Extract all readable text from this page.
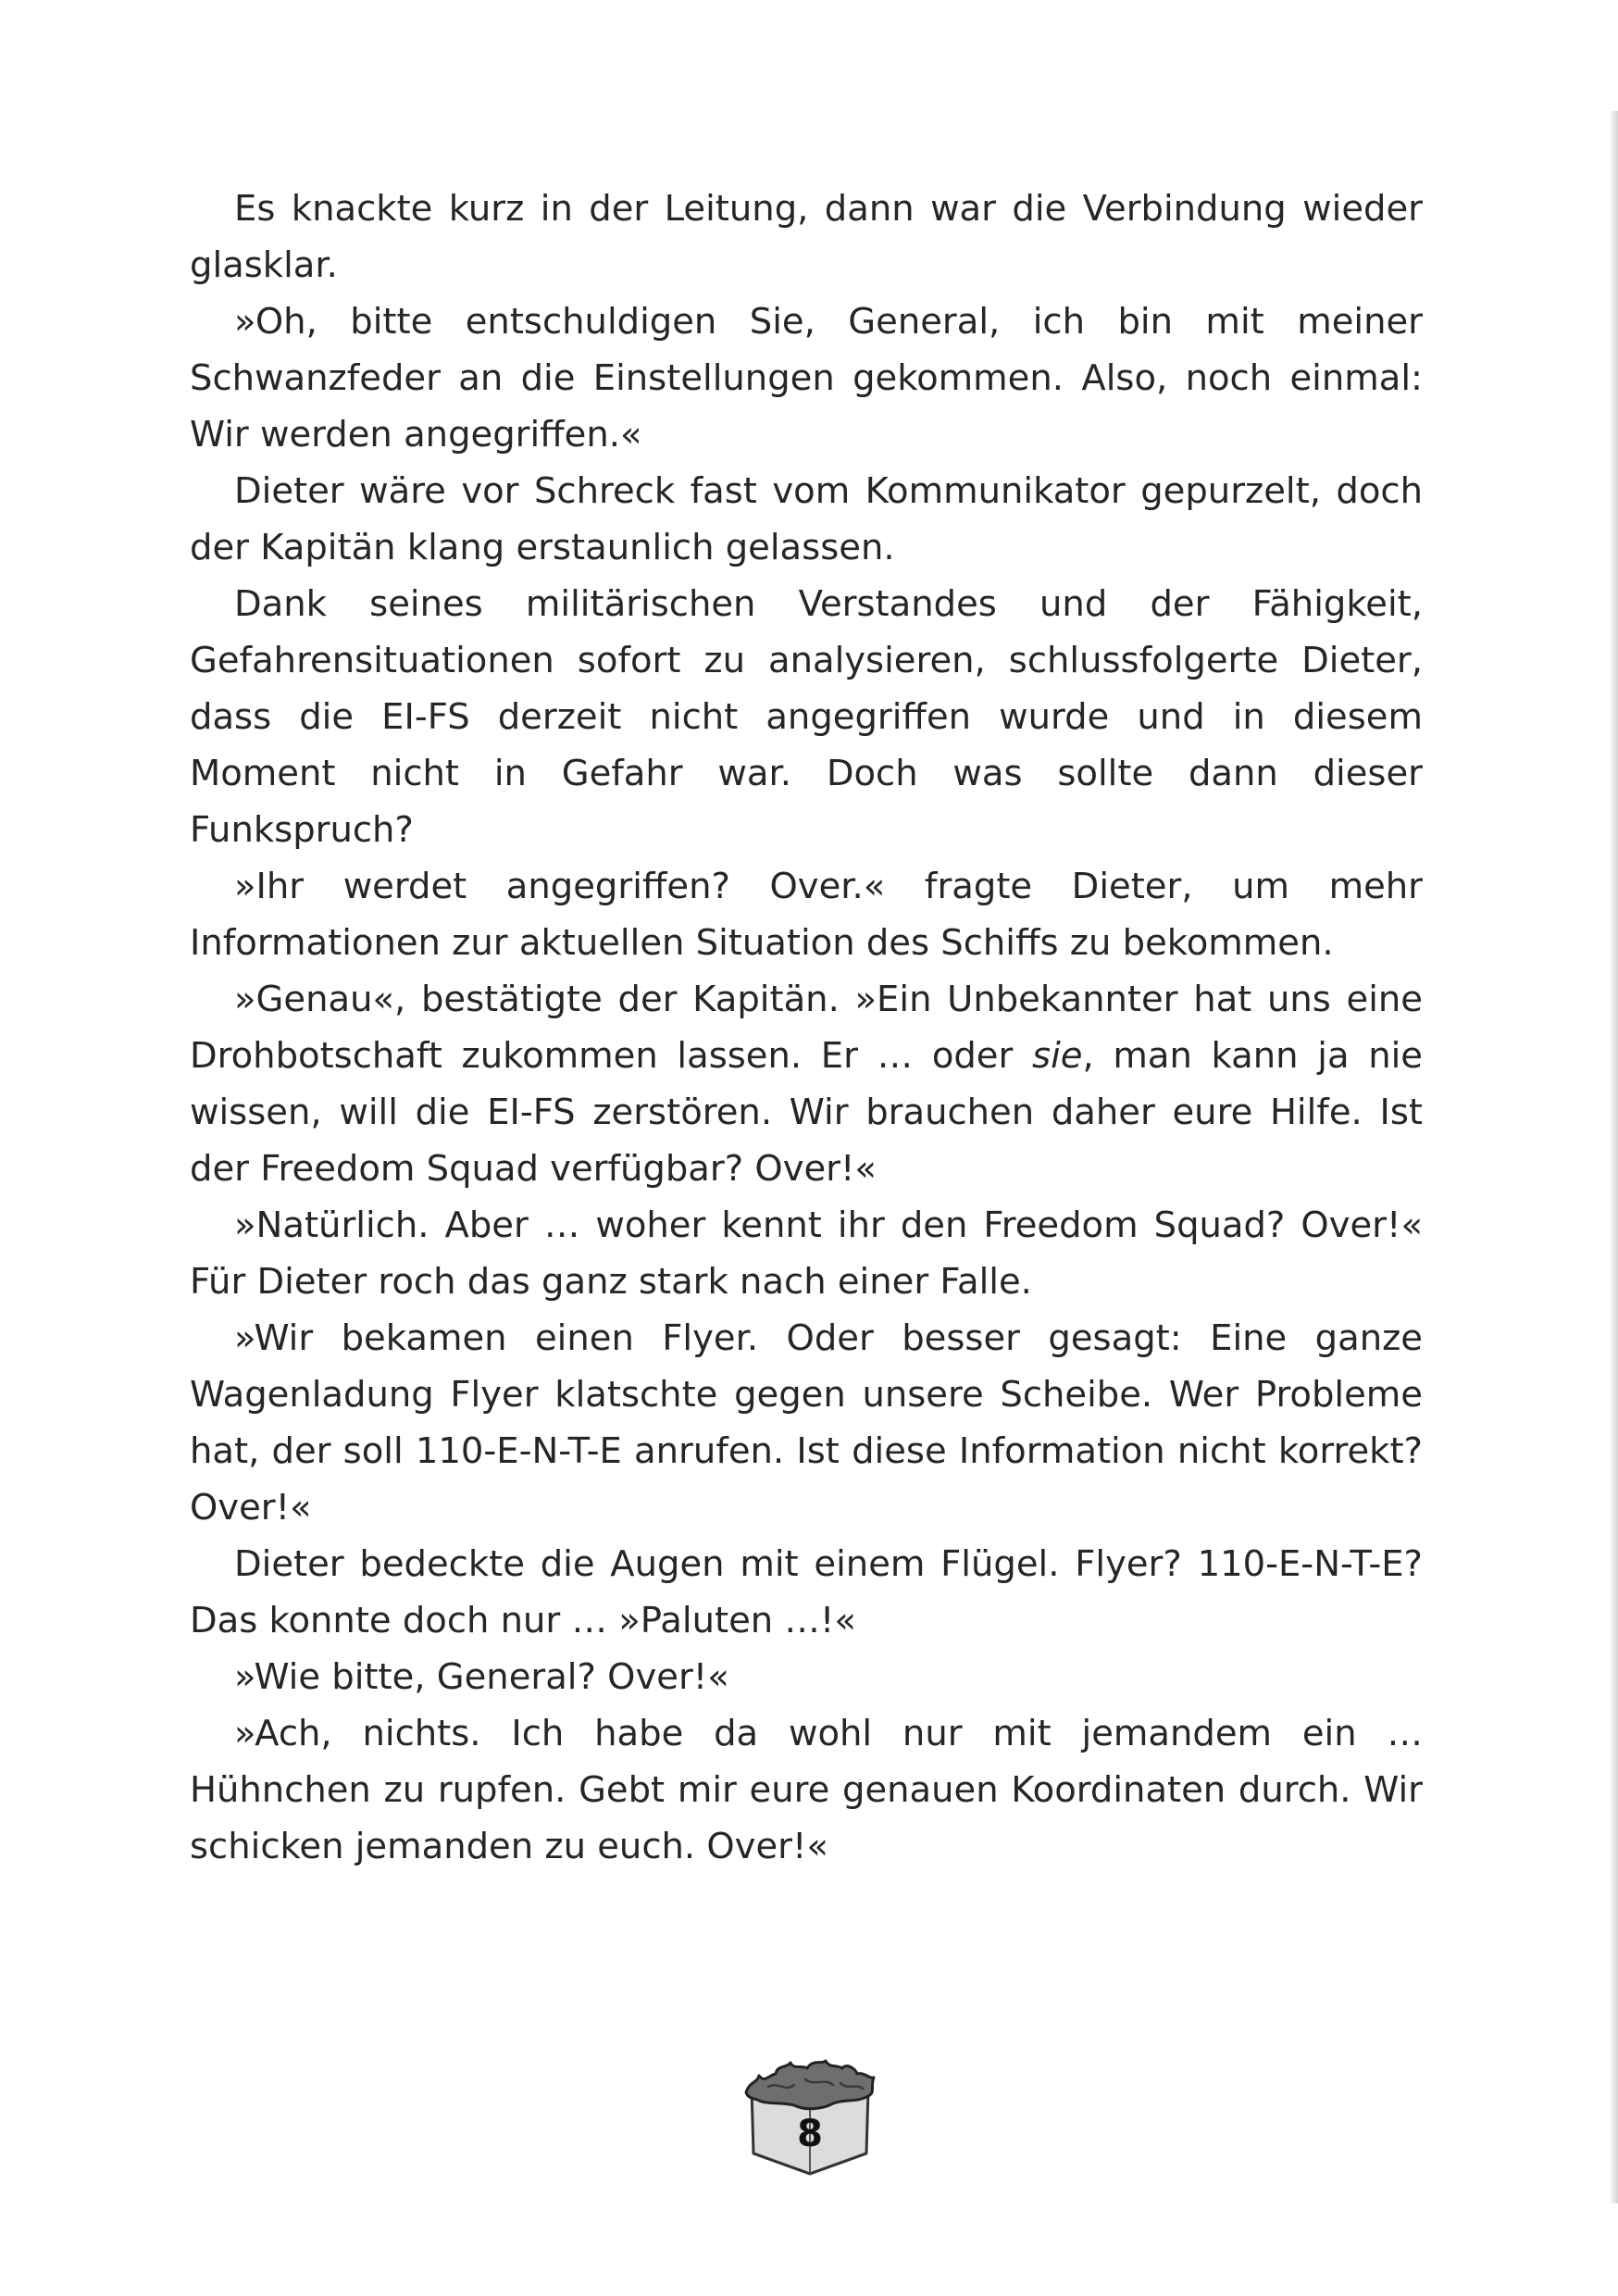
Es knackte kurz in der Leitung, dann war die Verbindung wieder glasklar.

»Oh, bitte entschuldigen Sie, General, ich bin mit meiner Schwanzfeder an die Einstellungen gekommen. Also, noch einmal: Wir werden angegriffen.«

Dieter wäre vor Schreck fast vom Kommunikator gepurzelt, doch der Kapitän klang erstaunlich gelassen.

Dank seines militärischen Verstandes und der Fähigkeit, Gefahrensituationen sofort zu analysieren, schlussfolgerte Dieter, dass die EI-FS derzeit nicht angegriffen wurde und in diesem Moment nicht in Gefahr war. Doch was sollte dann dieser Funkspruch?

»Ihr werdet angegriffen? Over.« fragte Dieter, um mehr Informationen zur aktuellen Situation des Schiffs zu bekommen.

»Genau«, bestätigte der Kapitän. »Ein Unbekannter hat uns eine Drohbotschaft zukommen lassen. Er … oder sie, man kann ja nie wissen, will die EI-FS zerstören. Wir brauchen daher eure Hilfe. Ist der Freedom Squad verfügbar? Over!«

»Natürlich. Aber … woher kennt ihr den Freedom Squad? Over!« Für Dieter roch das ganz stark nach einer Falle.

»Wir bekamen einen Flyer. Oder besser gesagt: Eine ganze Wagenladung Flyer klatschte gegen unsere Scheibe. Wer Probleme hat, der soll 110-E-N-T-E anrufen. Ist diese Information nicht korrekt? Over!«

Dieter bedeckte die Augen mit einem Flügel. Flyer? 110-E-N-T-E? Das konnte doch nur … »Paluten …!«

»Wie bitte, General? Over!«

»Ach, nichts. Ich habe da wohl nur mit jemandem ein … Hühnchen zu rupfen. Gebt mir eure genauen Koordinaten durch. Wir schicken jemanden zu euch. Over!«

8
